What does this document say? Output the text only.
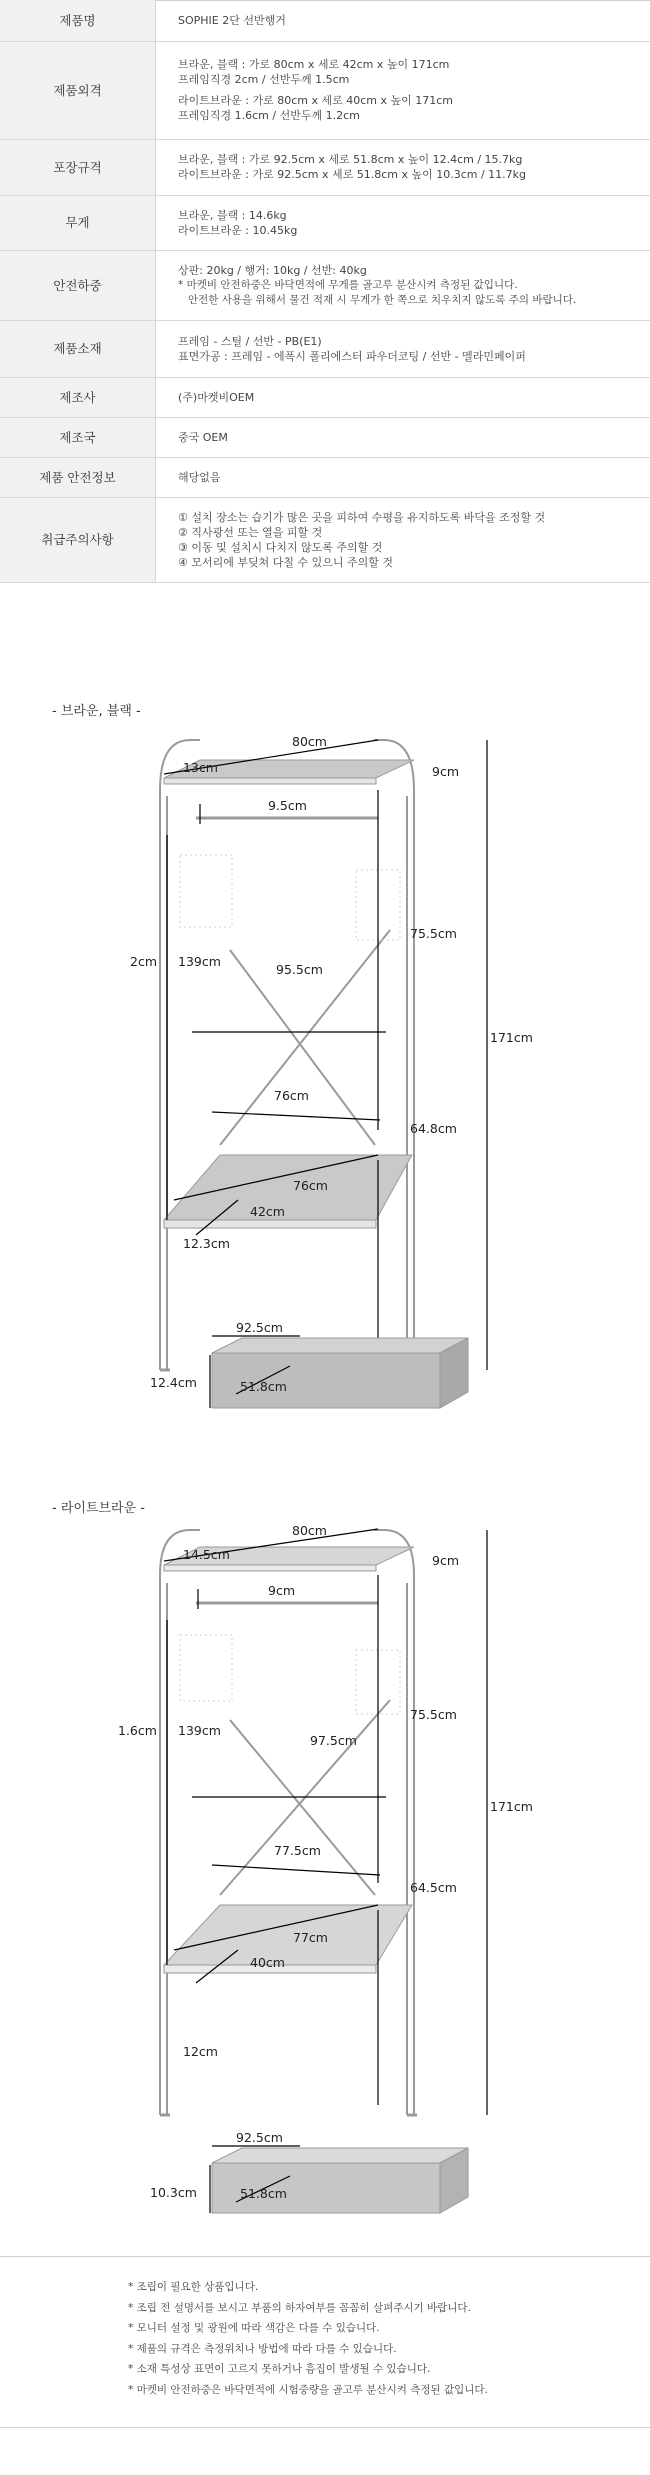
제품명	SOPHIE 2단 선반행거

제품외격	브라운, 블랙 : 가로 80cm x 세로 42cm x 높이 171cm
프레임직경 2cm / 선반두께 1.5cm
라이트브라운 : 가로 80cm x 세로 40cm x 높이 171cm
프레임직경 1.6cm / 선반두께 1.2cm

포장규격	브라운, 블랙 : 가로 92.5cm x 세로 51.8cm x 높이 12.4cm / 15.7kg
라이트브라운 : 가로 92.5cm x 세로 51.8cm x 높이 10.3cm / 11.7kg

무게	브라운, 블랙 : 14.6kg
라이트브라운 : 10.45kg

안전하중	상판: 20kg / 행거: 10kg / 선반: 40kg
* 마켓비 안전하중은 바닥면적에 무게를 골고루 분산시켜 측정된 값입니다.
안전한 사용을 위해서 물건 적재 시 무게가 한 쪽으로 치우치지 않도록 주의 바랍니다.

제품소재	프레임 - 스틸 / 선반 - PB(E1)
표면가공 : 프레임 - 에폭시 폴리에스터 파우더코팅 / 선반 - 멜라민페이퍼

제조사	(주)마켓비OEM

제조국	중국 OEM

제품 안전정보	해당없음

취급주의사항	① 설치 장소는 습기가 많은 곳을 피하여 수평을 유지하도록 바닥을 조정할 것
② 직사광선 또는 열을 피할 것
③ 이동 및 설치시 다치지 않도록 주의할 것
④ 모서리에 부딪쳐 다칠 수 있으니 주의할 것
- 브라운, 블랙 -
80cm
13cm	9cm
9.5cm
2cm 139cm
95.5cm
75.5cm
171cm
76cm
64.8cm
76cm
42cm
12.3cm
92.5cm
12.4cm	51.8cm
- 라이트브라운 -
80cm
14.5cm	9cm
9cm
1.6cm 139cm
97.5cm
75.5cm
171cm
77.5cm
64.5cm
77cm
40cm
12cm
92.5cm
10.3cm	51.8cm
* 조립이 필요한 상품입니다.
* 조립 전 설명서를 보시고 부품의 하자여부를 꼼꼼히 살펴주시기 바랍니다.
* 모니터 설정 및 광원에 따라 색감은 다를 수 있습니다.
* 제품의 규격은 측정위치나 방법에 따라 다를 수 있습니다.
* 소재 특성상 표면이 고르지 못하거나 흠집이 발생될 수 있습니다.
* 마켓비 안전하중은 바닥면적에 시험중량을 골고루 분산시켜 측정된 값입니다.
